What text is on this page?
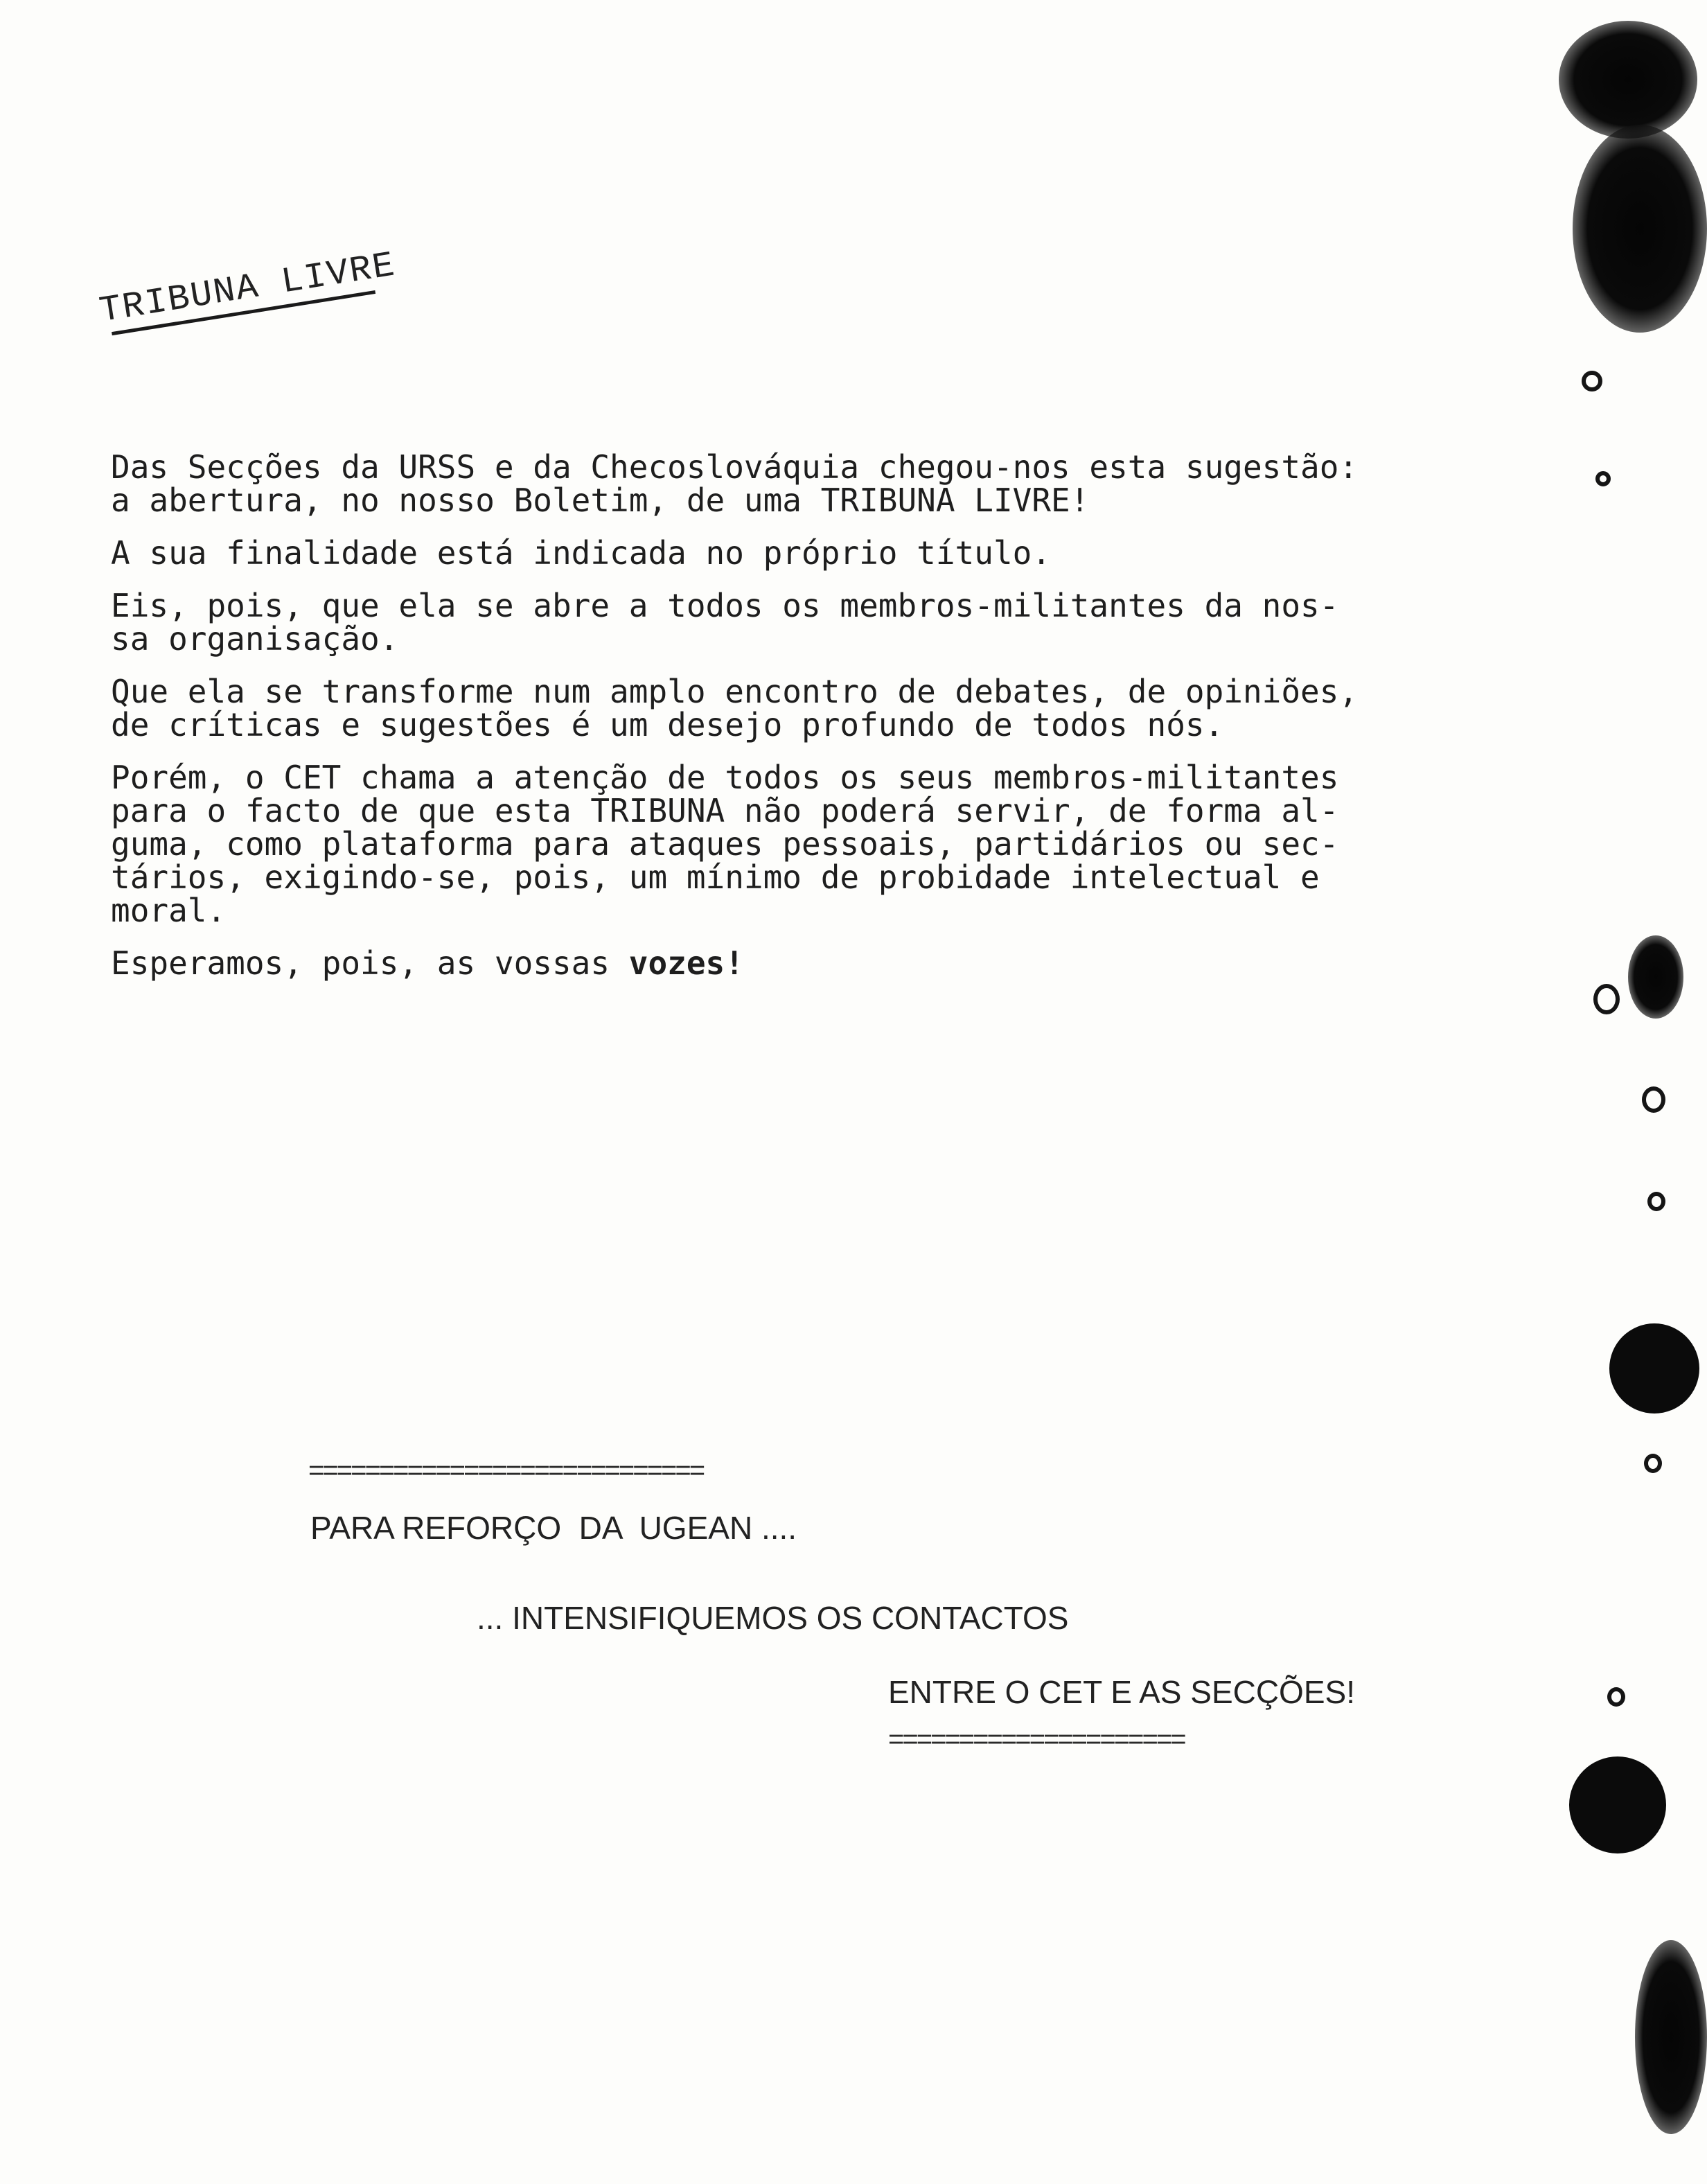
TRIBUNA LIVRE

Das Secções da URSS e da Checoslováquia chegou-nos esta sugestão:
a abertura, no nosso Boletim, de uma TRIBUNA LIVRE!

A sua finalidade está indicada no próprio título.

Eis, pois, que ela se abre a todos os membros-militantes da nos-
sa organisação.

Que ela se transforme num amplo encontro de debates, de opiniões,
de críticas e sugestões é um desejo profundo de todos nós.

Porém, o CET chama a atenção de todos os seus membros-militantes
para o facto de que esta TRIBUNA não poderá servir, de forma al-
guma, como plataforma para ataques pessoais, partidários ou sec-
tários, exigindo-se, pois, um mínimo de probidade intelectual e
moral.

Esperamos, pois, as vossas vozes!

============================
PARA REFORÇO  DA  UGEAN ....
... INTENSIFIQUEMOS OS CONTACTOS
ENTRE O CET E AS SECÇÕES!
=====================
